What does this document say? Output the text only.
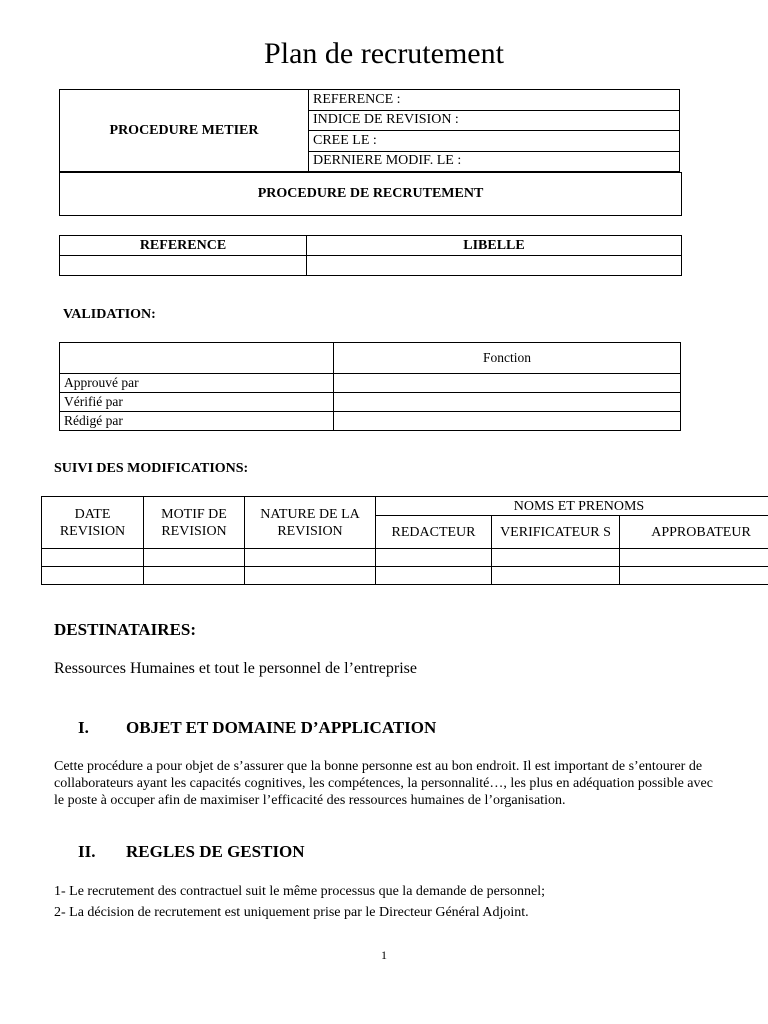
Plan de recrutement
PROCEDURE METIER	REFERENCE :
INDICE DE REVISION :
CREE LE :
DERNIERE MODIF. LE :
PROCEDURE DE RECRUTEMENT
REFERENCE	LIBELLE

VALIDATION:
	Fonction
Approuvé par	
Vérifié par	
Rédigé par	
SUIVI DES MODIFICATIONS:
DATE REVISION	MOTIF DE REVISION	NATURE DE LA REVISION	NOMS ET PRENOMS		
			REDACTEUR	VERIFICATEUR S	APPROBATEUR

DESTINATAIRES:
Ressources Humaines et tout le personnel de l’entreprise
I. OBJET ET DOMAINE D’APPLICATION
Cette procédure a pour objet de s’assurer que la bonne personne est au bon endroit. Il est important de s’entourer de collaborateurs ayant les capacités cognitives, les compétences, la personnalité…, les plus en adéquation possible avec le poste à occuper afin de maximiser l’efficacité des ressources humaines de l’organisation.
II. REGLES DE GESTION
1- Le recrutement des contractuel suit le même processus que la demande de personnel;
2- La décision de recrutement est uniquement prise par le Directeur Général Adjoint.
1
